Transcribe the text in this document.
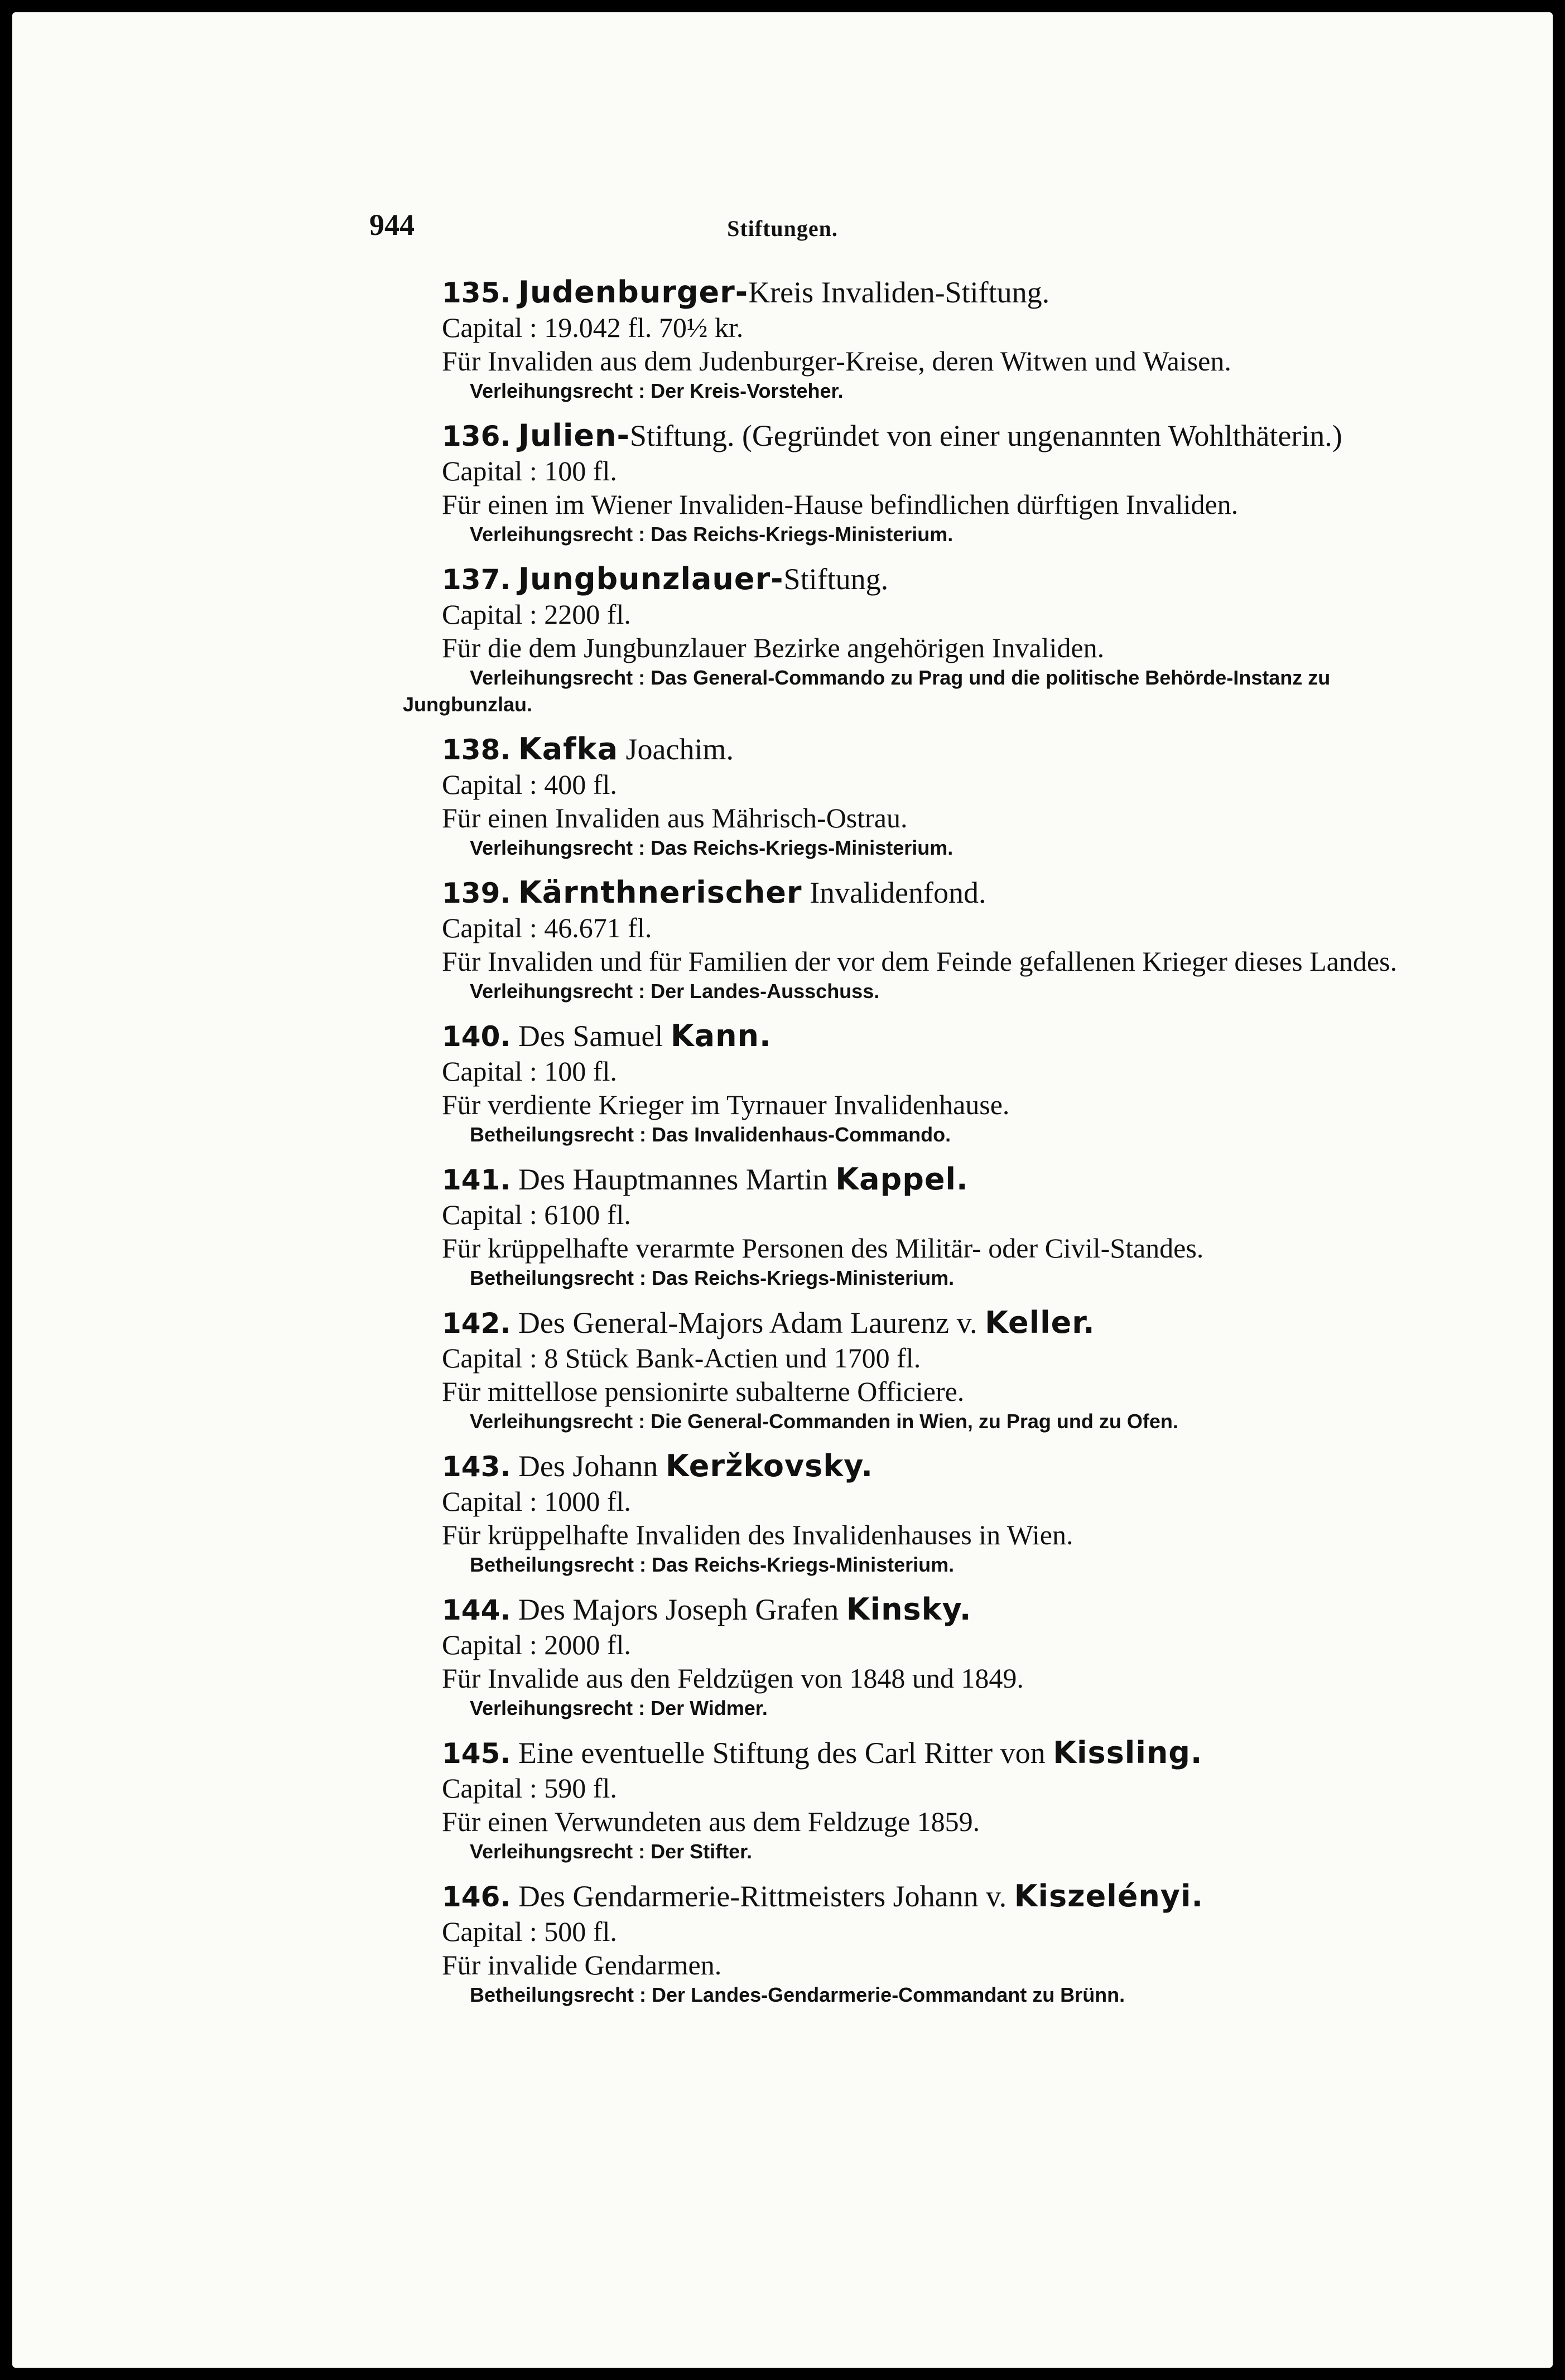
944	Stiftungen.
135. Judenburger-Kreis Invaliden-Stiftung.
Capital : 19.042 fl. 70½ kr.
Für Invaliden aus dem Judenburger-Kreise, deren Witwen und Waisen.
Verleihungsrecht : Der Kreis-Vorsteher.
136. Julien-Stiftung. (Gegründet von einer ungenannten Wohlthäterin.)
Capital : 100 fl.
Für einen im Wiener Invaliden-Hause befindlichen dürftigen Invaliden.
Verleihungsrecht : Das Reichs-Kriegs-Ministerium.
137. Jungbunzlauer-Stiftung.
Capital : 2200 fl.
Für die dem Jungbunzlauer Bezirke angehörigen Invaliden.
Verleihungsrecht : Das General-Commando zu Prag und die politische Behörde-Instanz zu Jungbunzlau.
138. Kafka Joachim.
Capital : 400 fl.
Für einen Invaliden aus Mährisch-Ostrau.
Verleihungsrecht : Das Reichs-Kriegs-Ministerium.
139. Kärnthnerischer Invalidenfond.
Capital : 46.671 fl.
Für Invaliden und für Familien der vor dem Feinde gefallenen Krieger dieses Landes.
Verleihungsrecht : Der Landes-Ausschuss.
140. Des Samuel Kann.
Capital : 100 fl.
Für verdiente Krieger im Tyrnauer Invalidenhause.
Betheilungsrecht : Das Invalidenhaus-Commando.
141. Des Hauptmannes Martin Kappel.
Capital : 6100 fl.
Für krüppelhafte verarmte Personen des Militär- oder Civil-Standes.
Betheilungsrecht : Das Reichs-Kriegs-Ministerium.
142. Des General-Majors Adam Laurenz v. Keller.
Capital : 8 Stück Bank-Actien und 1700 fl.
Für mittellose pensionirte subalterne Officiere.
Verleihungsrecht : Die General-Commanden in Wien, zu Prag und zu Ofen.
143. Des Johann Keržkovsky.
Capital : 1000 fl.
Für krüppelhafte Invaliden des Invalidenhauses in Wien.
Betheilungsrecht : Das Reichs-Kriegs-Ministerium.
144. Des Majors Joseph Grafen Kinsky.
Capital : 2000 fl.
Für Invalide aus den Feldzügen von 1848 und 1849.
Verleihungsrecht : Der Widmer.
145. Eine eventuelle Stiftung des Carl Ritter von Kissling.
Capital : 590 fl.
Für einen Verwundeten aus dem Feldzuge 1859.
Verleihungsrecht : Der Stifter.
146. Des Gendarmerie-Rittmeisters Johann v. Kiszelényi.
Capital : 500 fl.
Für invalide Gendarmen.
Betheilungsrecht : Der Landes-Gendarmerie-Commandant zu Brünn.
